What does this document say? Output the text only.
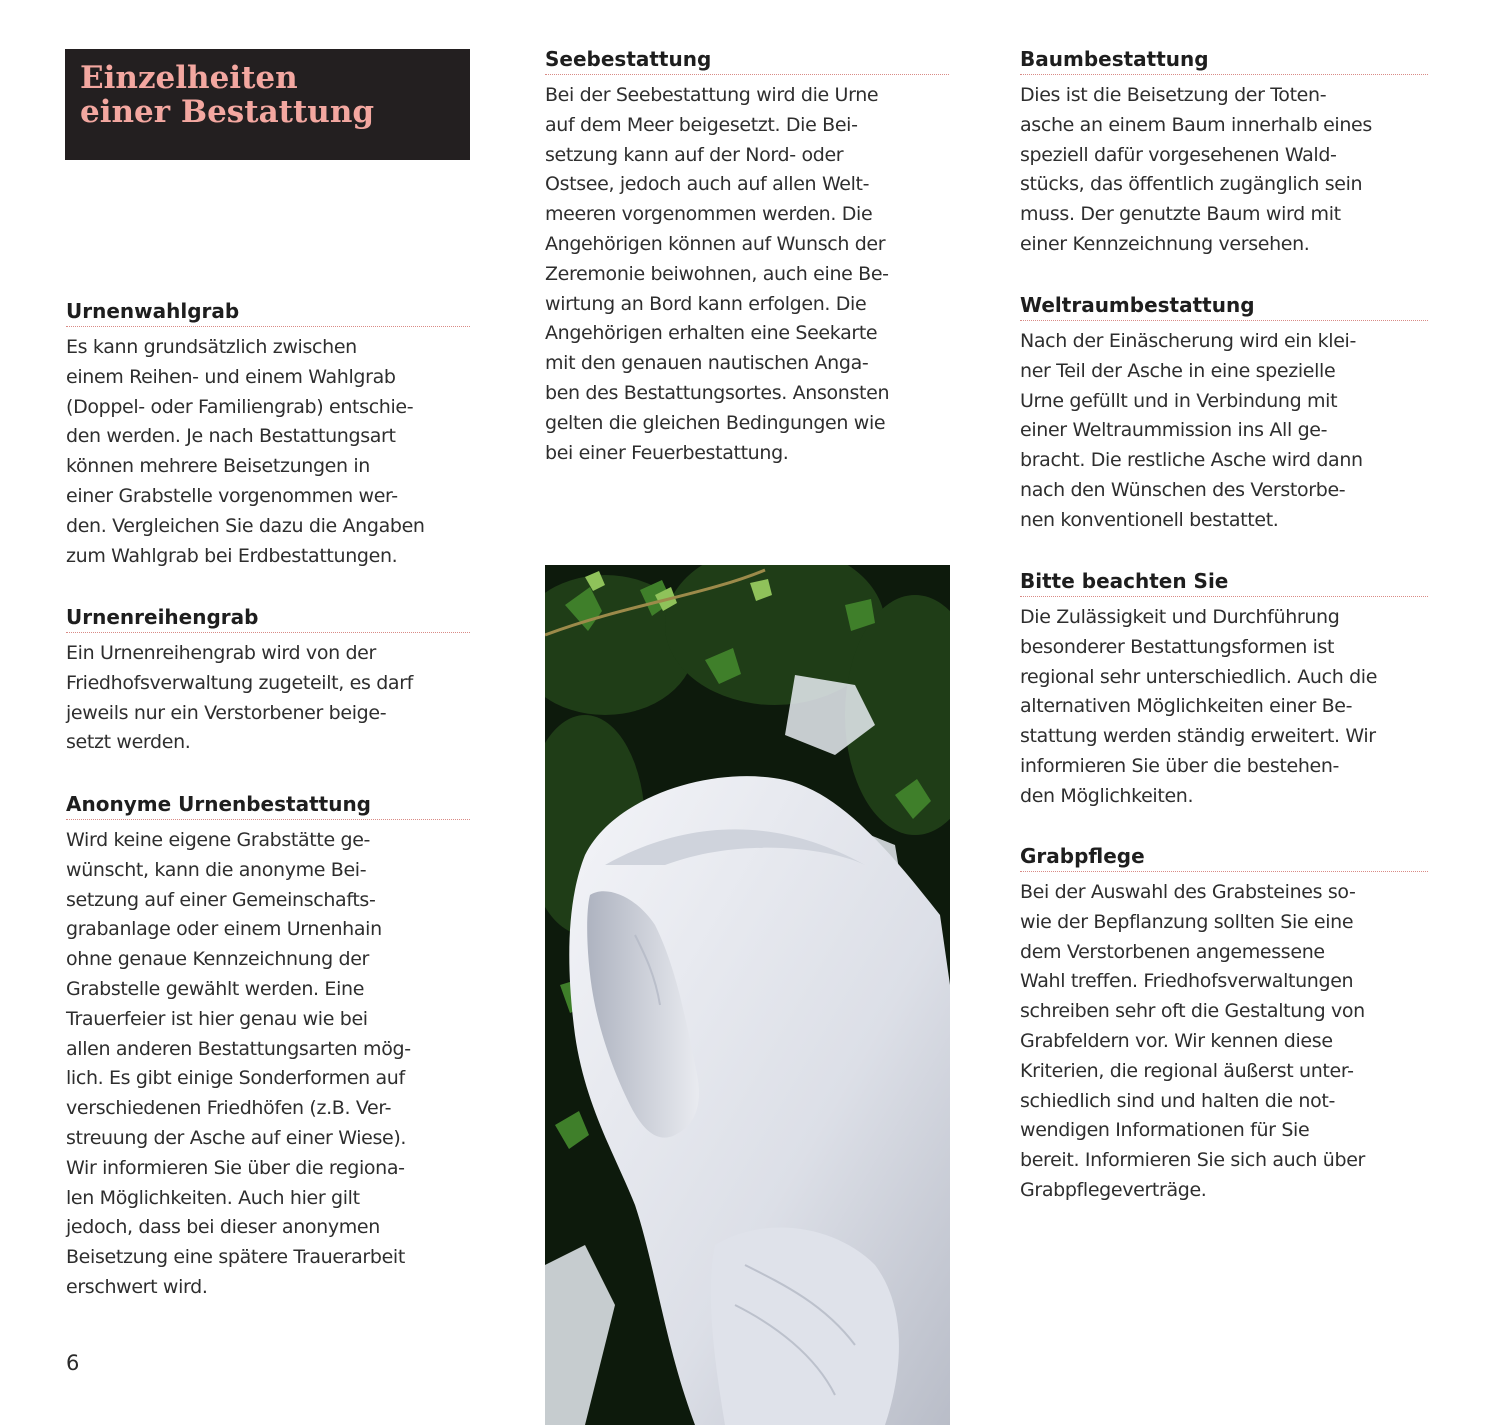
Einzelheiten
einer Bestattung
Urnenwahlgrab
Es kann grundsätzlich zwischen
einem Reihen- und einem Wahlgrab
(Doppel- oder Familiengrab) entschie-
den werden. Je nach Bestattungsart
können mehrere Beisetzungen in
einer Grabstelle vorgenommen wer-
den. Vergleichen Sie dazu die Angaben
zum Wahlgrab bei Erdbestattungen.
Urnenreihengrab
Ein Urnenreihengrab wird von der
Friedhofsverwaltung zugeteilt, es darf
jeweils nur ein Verstorbener beige-
setzt werden.
Anonyme Urnenbestattung
Wird keine eigene Grabstätte ge-
wünscht, kann die anonyme Bei-
setzung auf einer Gemeinschafts-
grabanlage oder einem Urnenhain
ohne genaue Kennzeichnung der
Grabstelle gewählt werden. Eine
Trauerfeier ist hier genau wie bei
allen anderen Bestattungsarten mög-
lich. Es gibt einige Sonderformen auf
verschiedenen Friedhöfen (z.B. Ver-
streuung der Asche auf einer Wiese).
Wir informieren Sie über die regiona-
len Möglichkeiten. Auch hier gilt
jedoch, dass bei dieser anonymen
Beisetzung eine spätere Trauerarbeit
erschwert wird.
Seebestattung
Bei der Seebestattung wird die Urne
auf dem Meer beigesetzt. Die Bei-
setzung kann auf der Nord- oder
Ostsee, jedoch auch auf allen Welt-
meeren vorgenommen werden. Die
Angehörigen können auf Wunsch der
Zeremonie beiwohnen, auch eine Be-
wirtung an Bord kann erfolgen. Die
Angehörigen erhalten eine Seekarte
mit den genauen nautischen Anga-
ben des Bestattungsortes. Ansonsten
gelten die gleichen Bedingungen wie
bei einer Feuerbestattung.
Baumbestattung
Dies ist die Beisetzung der Toten-
asche an einem Baum innerhalb eines
speziell dafür vorgesehenen Wald-
stücks, das öffentlich zugänglich sein
muss. Der genutzte Baum wird mit
einer Kennzeichnung versehen.
Weltraumbestattung
Nach der Einäscherung wird ein klei-
ner Teil der Asche in eine spezielle
Urne gefüllt und in Verbindung mit
einer Weltraummission ins All ge-
bracht. Die restliche Asche wird dann
nach den Wünschen des Verstorbe-
nen konventionell bestattet.
Bitte beachten Sie
Die Zulässigkeit und Durchführung
besonderer Bestattungsformen ist
regional sehr unterschiedlich. Auch die
alternativen Möglichkeiten einer Be-
stattung werden ständig erweitert. Wir
informieren Sie über die bestehen-
den Möglichkeiten.
Grabpflege
Bei der Auswahl des Grabsteines so-
wie der Bepflanzung sollten Sie eine
dem Verstorbenen angemessene
Wahl treffen. Friedhofsverwaltungen
schreiben sehr oft die Gestaltung von
Grabfeldern vor. Wir kennen diese
Kriterien, die regional äußerst unter-
schiedlich sind und halten die not-
wendigen Informationen für Sie
bereit. Informieren Sie sich auch über
Grabpflegeverträge.
6
